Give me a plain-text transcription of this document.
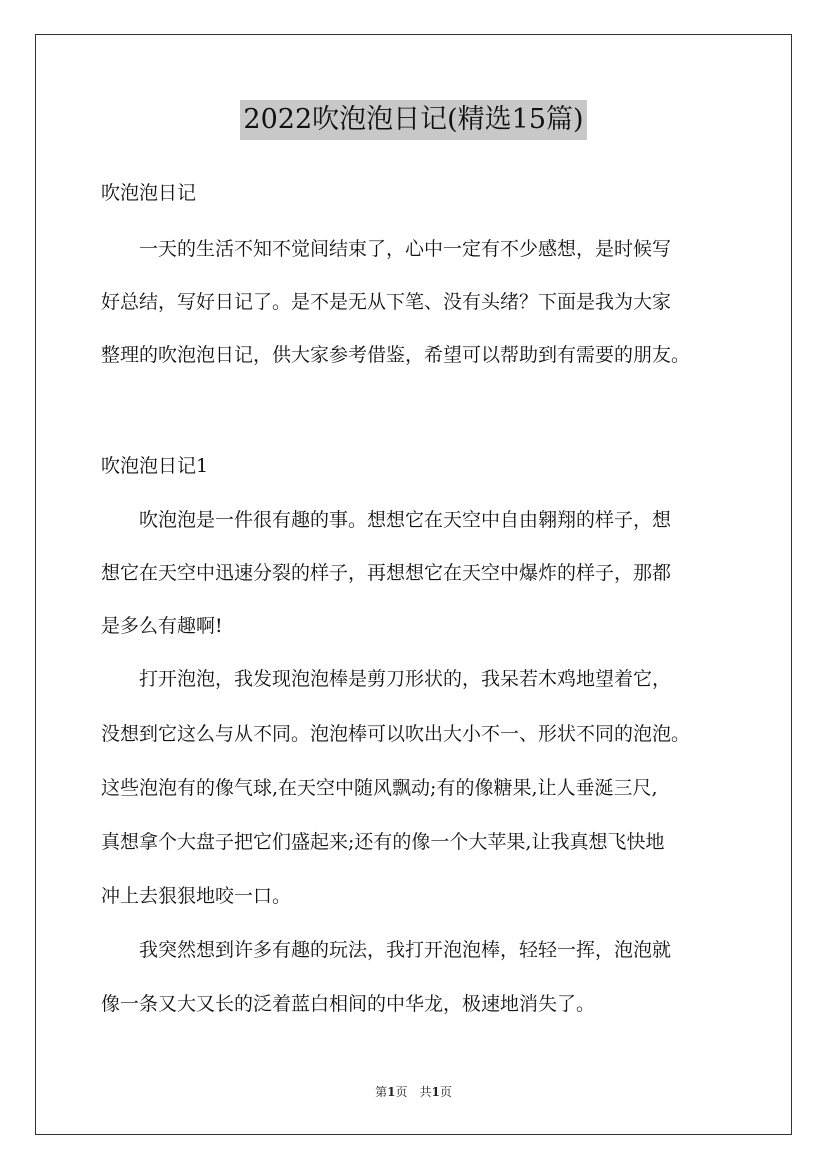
2022吹泡泡日记(精选15篇)
吹泡泡日记
　　一天的生活不知不觉间结束了，心中一定有不少感想，是时候写
好总结，写好日记了。是不是无从下笔、没有头绪？下面是我为大家
整理的吹泡泡日记，供大家参考借鉴，希望可以帮助到有需要的朋友。
吹泡泡日记1
　　吹泡泡是一件很有趣的事。想想它在天空中自由翱翔的样子，想
想它在天空中迅速分裂的样子，再想想它在天空中爆炸的样子，那都
是多么有趣啊!
　　打开泡泡，我发现泡泡棒是剪刀形状的，我呆若木鸡地望着它，
没想到它这么与从不同。泡泡棒可以吹出大小不一、形状不同的泡泡。
这些泡泡有的像气球,在天空中随风飘动;有的像糖果,让人垂涎三尺,
真想拿个大盘子把它们盛起来;还有的像一个大苹果,让我真想飞快地
冲上去狠狠地咬一口。
　　我突然想到许多有趣的玩法，我打开泡泡棒，轻轻一挥，泡泡就
像一条又大又长的泛着蓝白相间的中华龙，极速地消失了。
第1页　共1页
